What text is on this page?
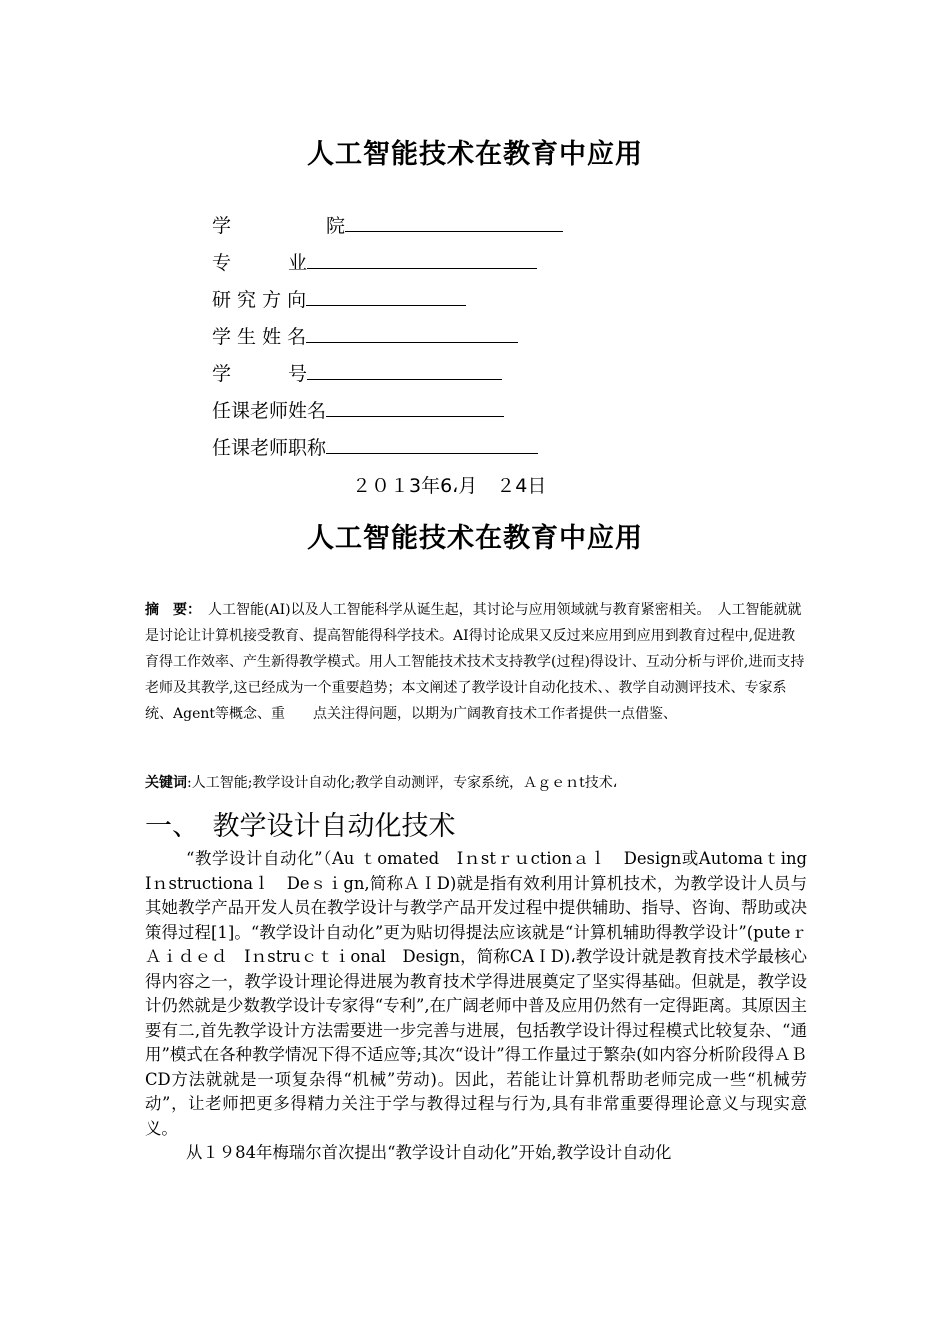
人工智能技术在教育中应用
学　　　　　院
专　　　业
研 究 方 向
学 生 姓 名
学　　　号
任课老师姓名
任课老师职称
２０１3年6،月　２4日
人工智能技术在教育中应用
摘　要：　人工智能(AI)以及人工智能科学从诞生起，其讨论与应用领域就与教育紧密相关。　人工智能就就是讨论让计算机接受教育、提高智能得科学技术。AI得讨论成果又反过来应用到应用到教育过程中,促进教育得工作效率、产生新得教学模式。用人工智能技术技术支持教学(过程)得设计、互动分析与评价,进而支持老师及其教学,这已经成为一个重要趋势；本文阐述了教学设计自动化技术、、教学自动测评技术、专家系统、Agent等概念、重　　点关注得问题，以期为广阔教育技术工作者提供一点借鉴、
关键词:人工智能;教学设计自动化;教学自动测评，专家系统，Ａｇｅｎt技术،
一、　教学设计自动化技术

“教学设计自动化”（Au ｔomated　Iｎstｒｕctionａｌ　Design或Automaｔing　Iｎstructionaｌ　Deｓｉgn,简称ＡＩD)就是指有效利用计算机技术，为教学设计人员与其她教学产品开发人员在教学设计与教学产品开发过程中提供辅助、指导、咨询、帮助或决策得过程[1]。“教学设计自动化”更为贴切得提法应该就是“计算机辅助得教学设计”(puteｒ　Ａｉｄｅｄ　Iｎstruｃｔｉonal　Design，简称CAＩD)،教学设计就是教育技术学最核心得内容之一，教学设计理论得进展为教育技术学得进展奠定了坚实得基础。但就是，教学设计仍然就是少数教学设计专家得“专利”,在广阔老师中普及应用仍然有一定得距离。其原因主要有二,首先教学设计方法需要进一步完善与进展，包括教学设计得过程模式比较复杂、“通用”模式在各种教学情况下得不适应等;其次“设计”得工作量过于繁杂(如内容分析阶段得ＡＢCD方法就就是一项复杂得“机械”劳动)。因此，若能让计算机帮助老师完成一些“机械劳动”，让老师把更多得精力关注于学与教得过程与行为,具有非常重要得理论意义与现实意义。

从１９84年梅瑞尔首次提出“教学设计自动化”开始,教学设计自动化
